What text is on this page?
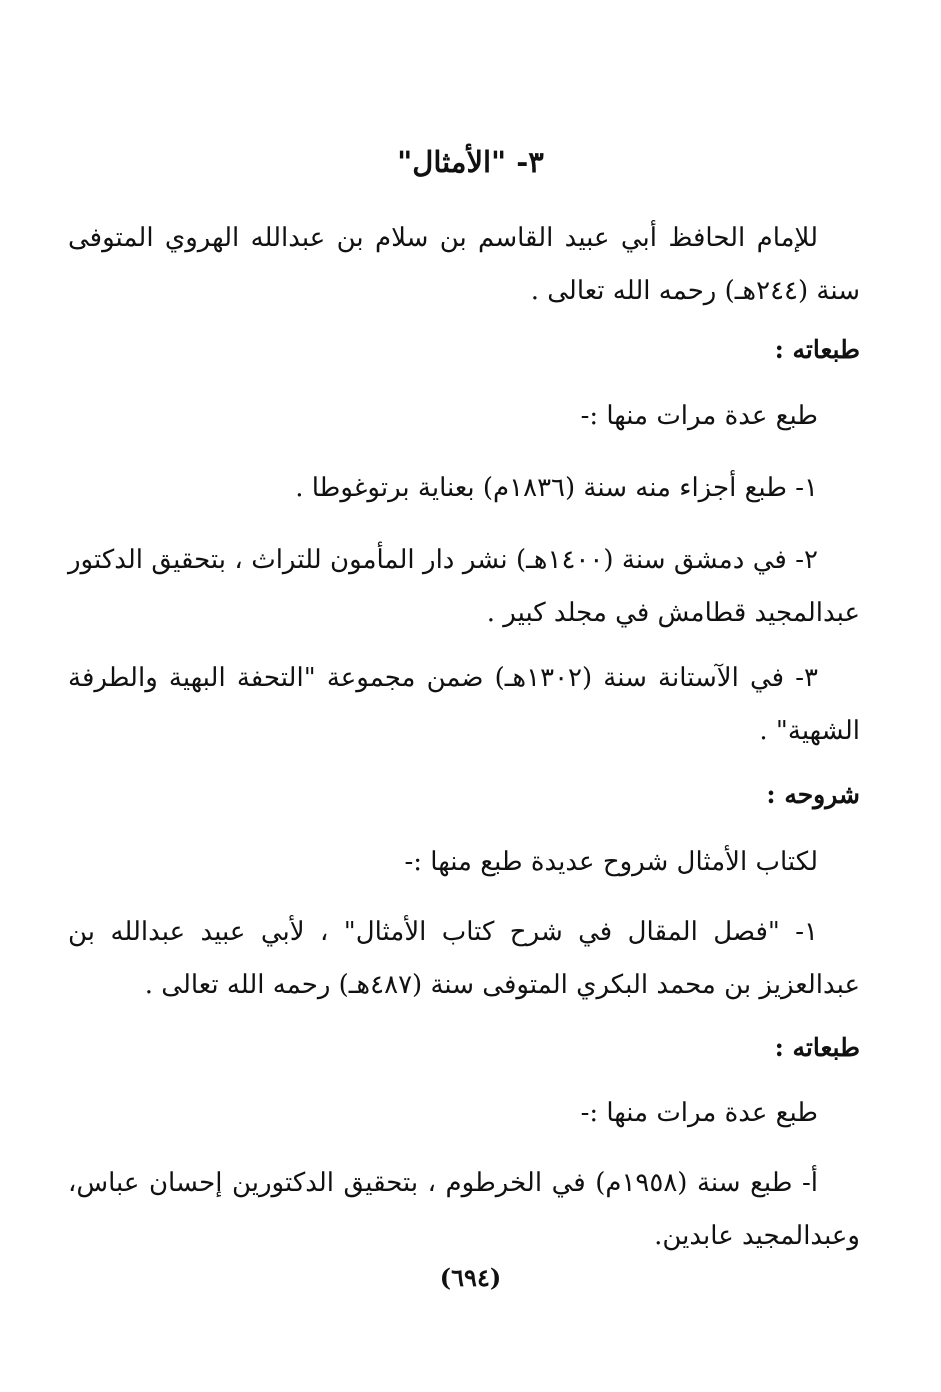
٣- "الأمثال"
للإمام الحافظ أبي عبيد القاسم بن سلام بن عبدالله الهروي المتوفى سنة (٢٤٤هـ) رحمه الله تعالى .
طبعاته :
طبع عدة مرات منها :-
١- طبع أجزاء منه سنة (١٨٣٦م) بعناية برتوغوطا .
٢- في دمشق سنة (١٤٠٠هـ) نشر دار المأمون للتراث ، بتحقيق الدكتور عبدالمجيد قطامش في مجلد كبير .
٣- في الآستانة سنة (١٣٠٢هـ) ضمن مجموعة "التحفة البهية والطرفة الشهية" .
شروحه :
لكتاب الأمثال شروح عديدة طبع منها :-
١- "فصل المقال في شرح كتاب الأمثال" ، لأبي عبيد عبدالله بن عبدالعزيز بن محمد البكري المتوفى سنة (٤٨٧هـ) رحمه الله تعالى .
طبعاته :
طبع عدة مرات منها :-
أ- طبع سنة (١٩٥٨م) في الخرطوم ، بتحقيق الدكتورين إحسان عباس، وعبدالمجيد عابدين.
(٦٩٤)
